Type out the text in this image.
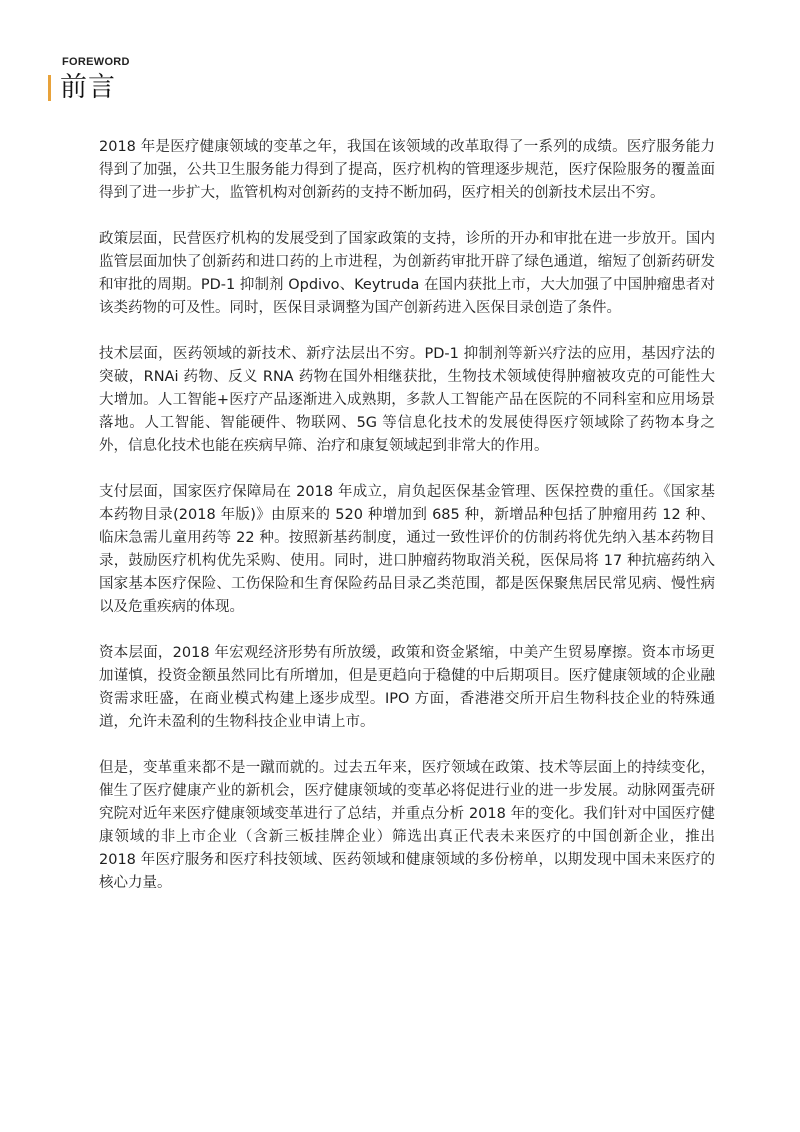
FOREWORD
前言

2018 年是医疗健康领域的变革之年，我国在该领域的改革取得了一系列的成绩。医疗服务能力得到了加强，公共卫生服务能力得到了提高，医疗机构的管理逐步规范，医疗保险服务的覆盖面得到了进一步扩大，监管机构对创新药的支持不断加码，医疗相关的创新技术层出不穷。

政策层面，民营医疗机构的发展受到了国家政策的支持，诊所的开办和审批在进一步放开。国内监管层面加快了创新药和进口药的上市进程，为创新药审批开辟了绿色通道，缩短了创新药研发和审批的周期。PD-1 抑制剂 Opdivo、Keytruda 在国内获批上市，大大加强了中国肿瘤患者对该类药物的可及性。同时，医保目录调整为国产创新药进入医保目录创造了条件。

技术层面，医药领域的新技术、新疗法层出不穷。PD-1 抑制剂等新兴疗法的应用，基因疗法的突破，RNAi 药物、反义 RNA 药物在国外相继获批，生物技术领域使得肿瘤被攻克的可能性大大增加。人工智能+医疗产品逐渐进入成熟期，多款人工智能产品在医院的不同科室和应用场景落地。人工智能、智能硬件、物联网、5G 等信息化技术的发展使得医疗领域除了药物本身之外，信息化技术也能在疾病早筛、治疗和康复领域起到非常大的作用。

支付层面，国家医疗保障局在 2018 年成立，肩负起医保基金管理、医保控费的重任。《国家基本药物目录(2018 年版)》由原来的 520 种增加到 685 种，新增品种包括了肿瘤用药 12 种、临床急需儿童用药等 22 种。按照新基药制度，通过一致性评价的仿制药将优先纳入基本药物目录，鼓励医疗机构优先采购、使用。同时，进口肿瘤药物取消关税，医保局将 17 种抗癌药纳入国家基本医疗保险、工伤保险和生育保险药品目录乙类范围，都是医保聚焦居民常见病、慢性病以及危重疾病的体现。

资本层面，2018 年宏观经济形势有所放缓，政策和资金紧缩，中美产生贸易摩擦。资本市场更加谨慎，投资金额虽然同比有所增加，但是更趋向于稳健的中后期项目。医疗健康领域的企业融资需求旺盛，在商业模式构建上逐步成型。IPO 方面，香港港交所开启生物科技企业的特殊通道，允许未盈利的生物科技企业申请上市。

但是，变革重来都不是一蹴而就的。过去五年来，医疗领域在政策、技术等层面上的持续变化，催生了医疗健康产业的新机会，医疗健康领域的变革必将促进行业的进一步发展。动脉网蛋壳研究院对近年来医疗健康领域变革进行了总结，并重点分析 2018 年的变化。我们针对中国医疗健康领域的非上市企业（含新三板挂牌企业）筛选出真正代表未来医疗的中国创新企业，推出 2018 年医疗服务和医疗科技领域、医药领域和健康领域的多份榜单，以期发现中国未来医疗的核心力量。
